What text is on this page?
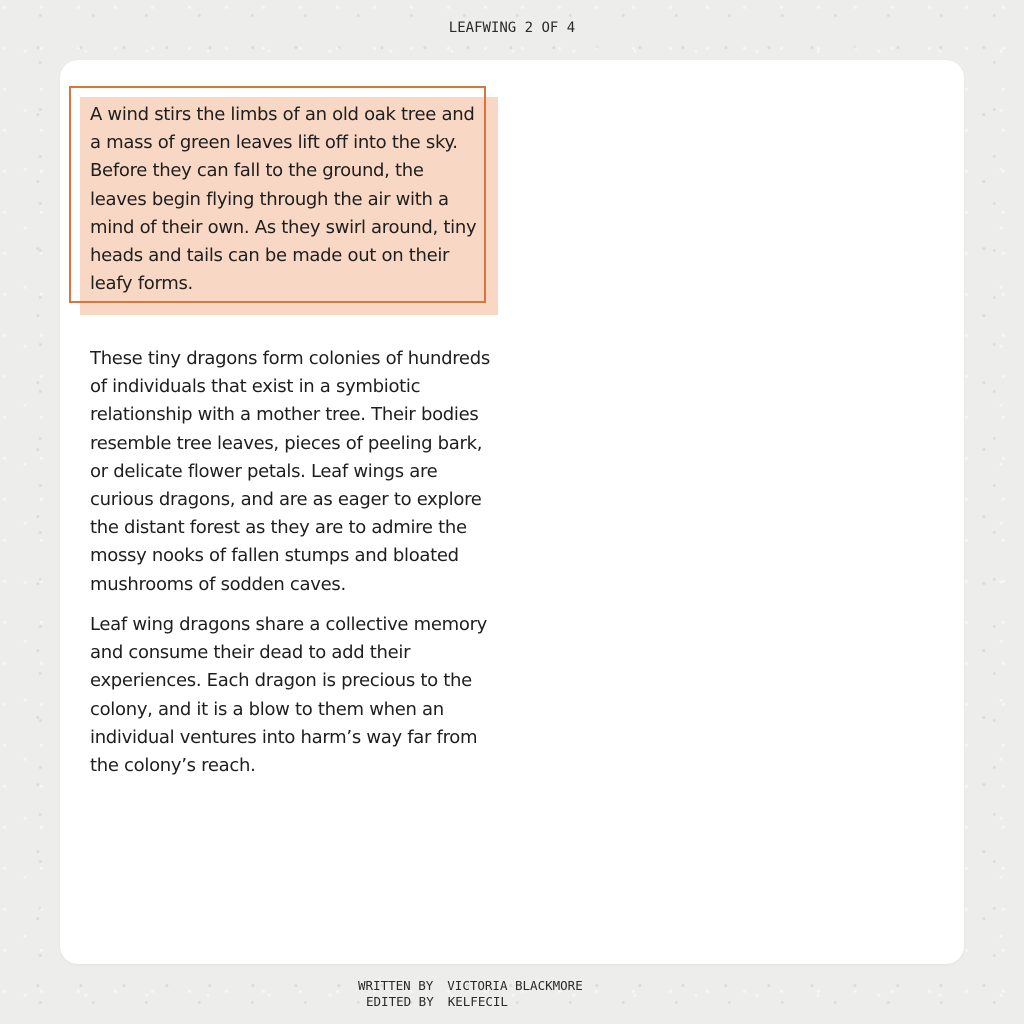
LEAFWING 2 OF 4

A wind stirs the limbs of an old oak tree and a mass of green leaves lift off into the sky. Before they can fall to the ground, the leaves begin flying through the air with a mind of their own. As they swirl around, tiny heads and tails can be made out on their leafy forms.

These tiny dragons form colonies of hundreds of individuals that exist in a symbiotic relationship with a mother tree. Their bodies resemble tree leaves, pieces of peeling bark, or delicate flower petals. Leaf wings are curious dragons, and are as eager to explore the distant forest as they are to admire the mossy nooks of fallen stumps and bloated mushrooms of sodden caves.

Leaf wing dragons share a collective memory and consume their dead to add their experiences. Each dragon is precious to the colony, and it is a blow to them when an individual ventures into harm’s way far from the colony’s reach.

WRITTEN BY VICTORIA BLACKMORE
EDITED BY KELFECIL
